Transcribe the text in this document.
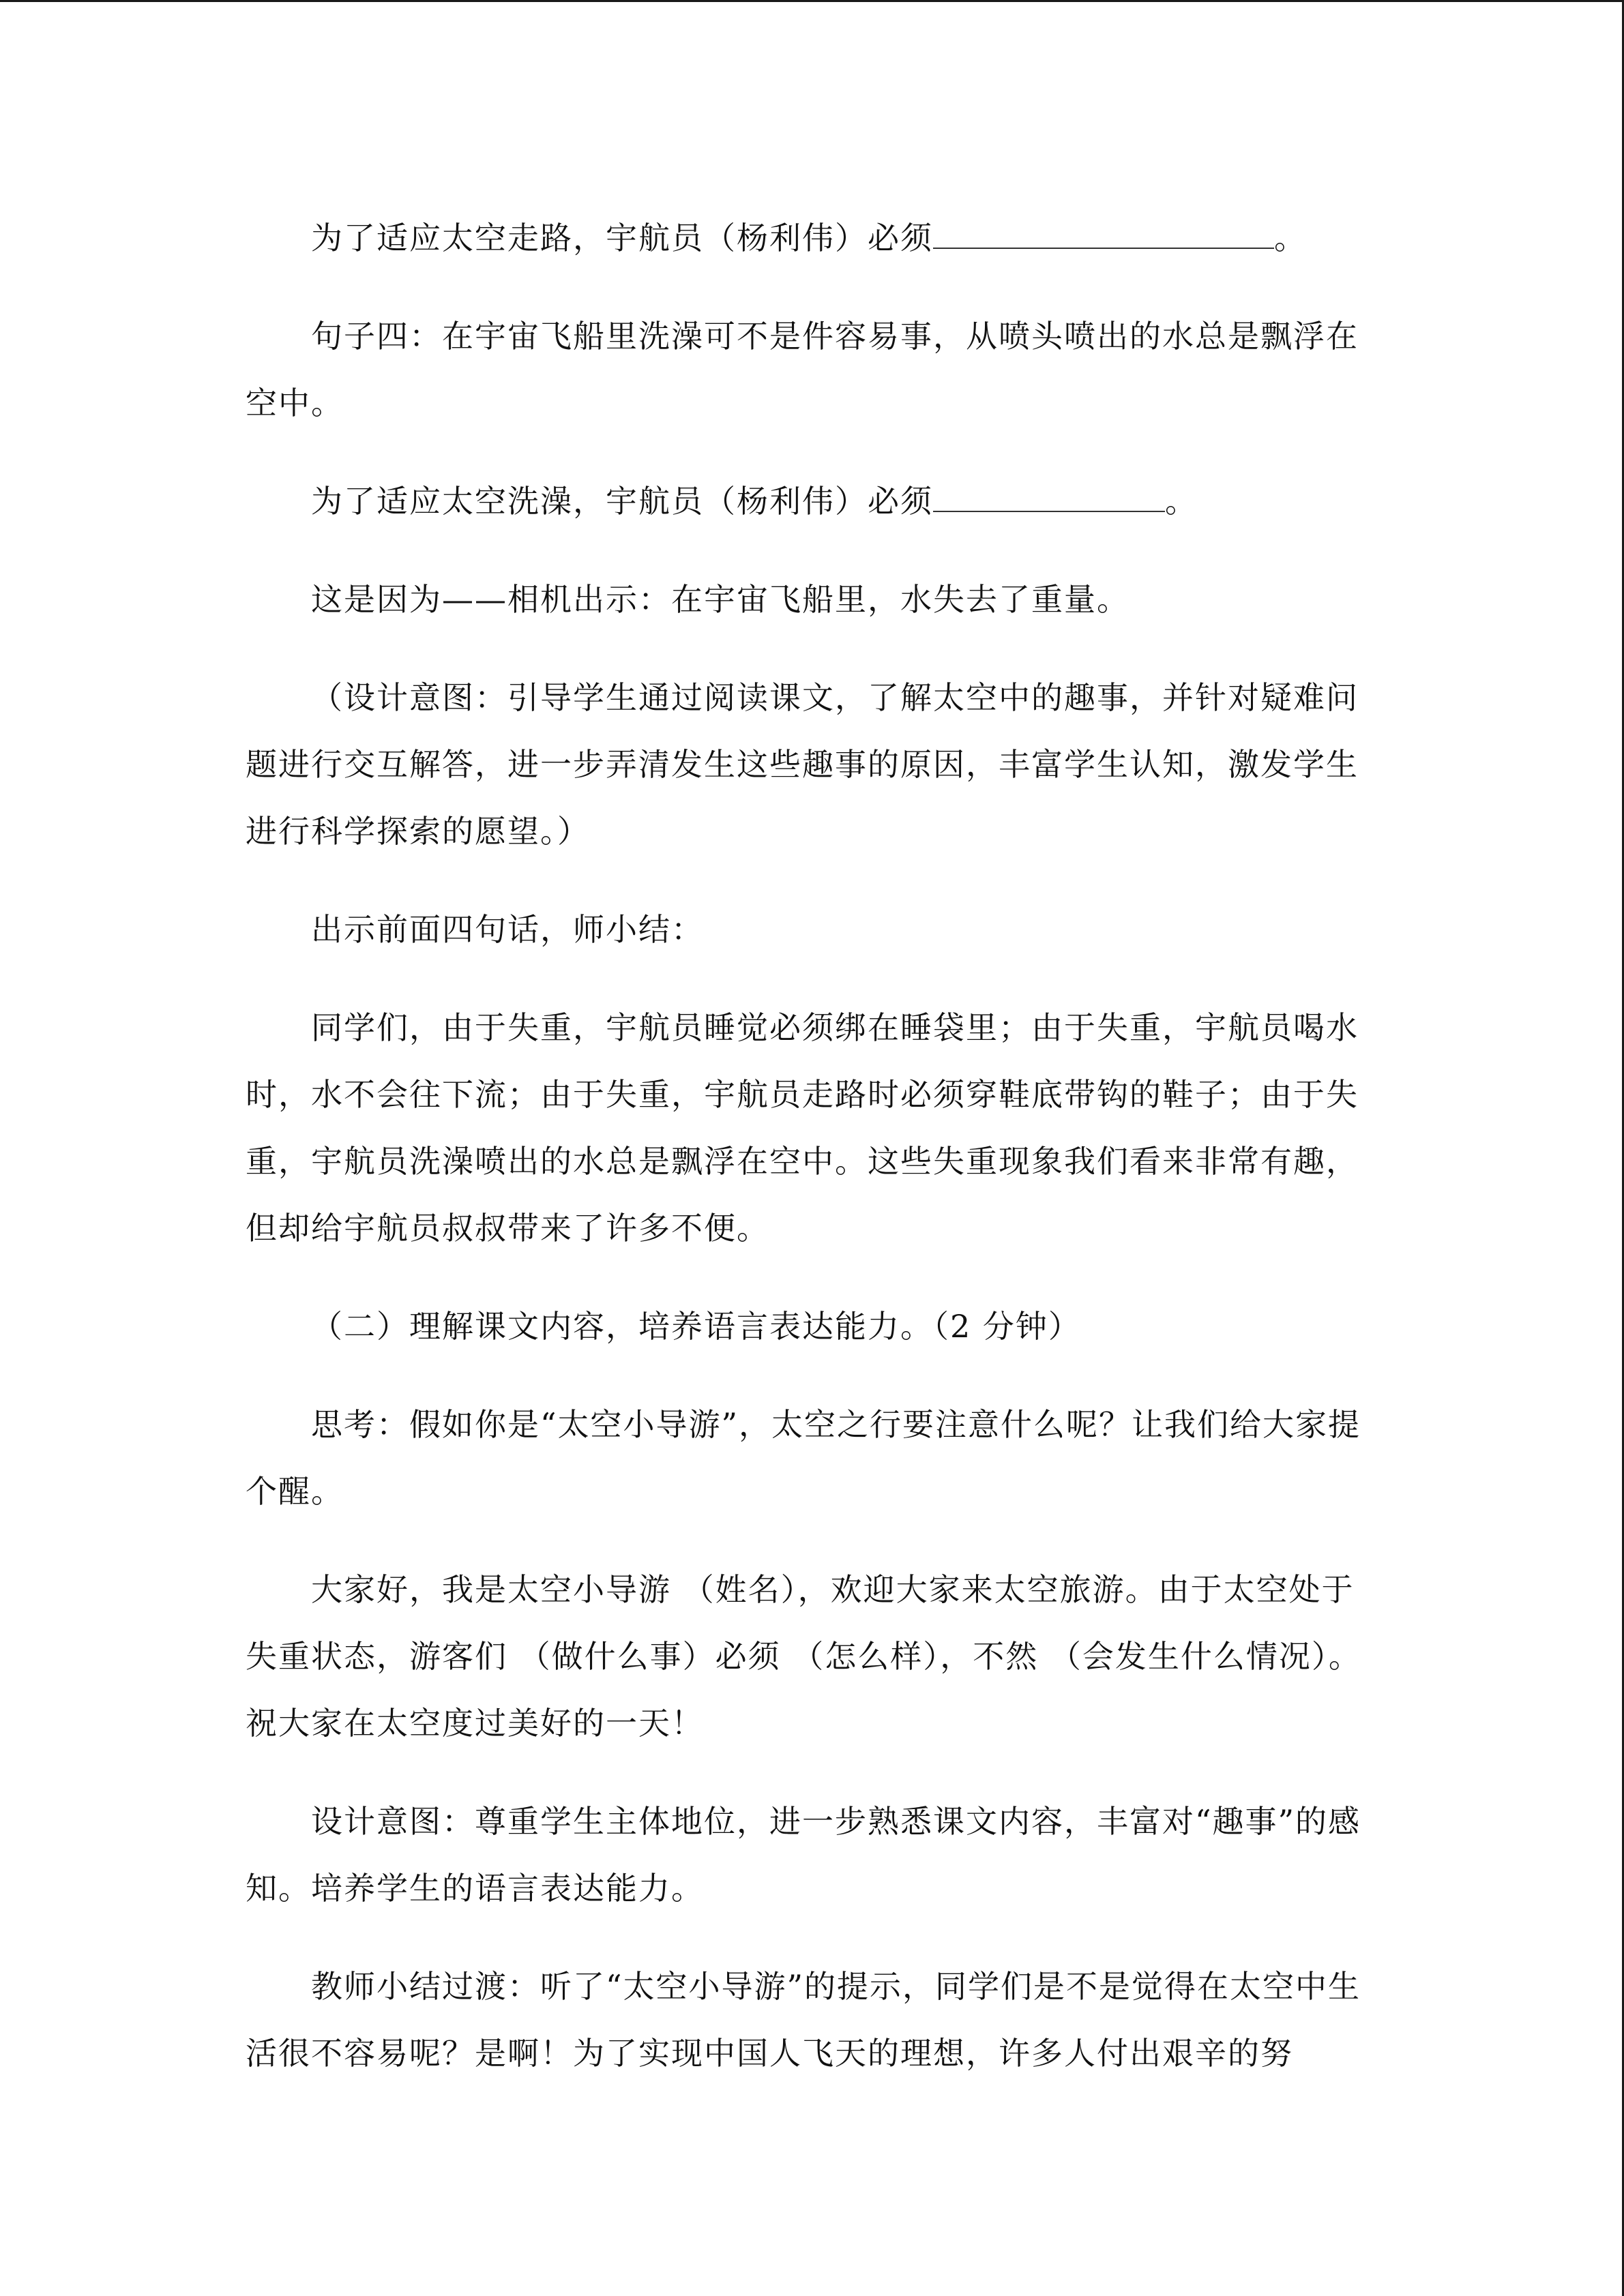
为了适应太空走路，宇航员（杨利伟）必须	。

句子四：在宇宙飞船里洗澡可不是件容易事，从喷头喷出的水总是飘浮在空中。

为了适应太空洗澡，宇航员（杨利伟）必须	。

这是因为——相机出示：在宇宙飞船里，水失去了重量。

（设计意图：引导学生通过阅读课文，了解太空中的趣事，并针对疑难问题进行交互解答，进一步弄清发生这些趣事的原因，丰富学生认知，激发学生进行科学探索的愿望。）

出示前面四句话，师小结：

同学们，由于失重，宇航员睡觉必须绑在睡袋里；由于失重，宇航员喝水时，水不会往下流；由于失重，宇航员走路时必须穿鞋底带钩的鞋子；由于失重，宇航员洗澡喷出的水总是飘浮在空中。这些失重现象我们看来非常有趣，但却给宇航员叔叔带来了许多不便。

（二）理解课文内容，培养语言表达能力。（2 分钟）

思考：假如你是“太空小导游”，太空之行要注意什么呢？让我们给大家提个醒。

大家好，我是太空小导游 （姓名），欢迎大家来太空旅游。由于太空处于失重状态，游客们 （做什么事）必须 （怎么样），不然 （会发生什么情况）。祝大家在太空度过美好的一天！

设计意图：尊重学生主体地位，进一步熟悉课文内容，丰富对“趣事”的感知。培养学生的语言表达能力。

教师小结过渡：听了“太空小导游”的提示，同学们是不是觉得在太空中生活很不容易呢？是啊！为了实现中国人飞天的理想，许多人付出艰辛的努
